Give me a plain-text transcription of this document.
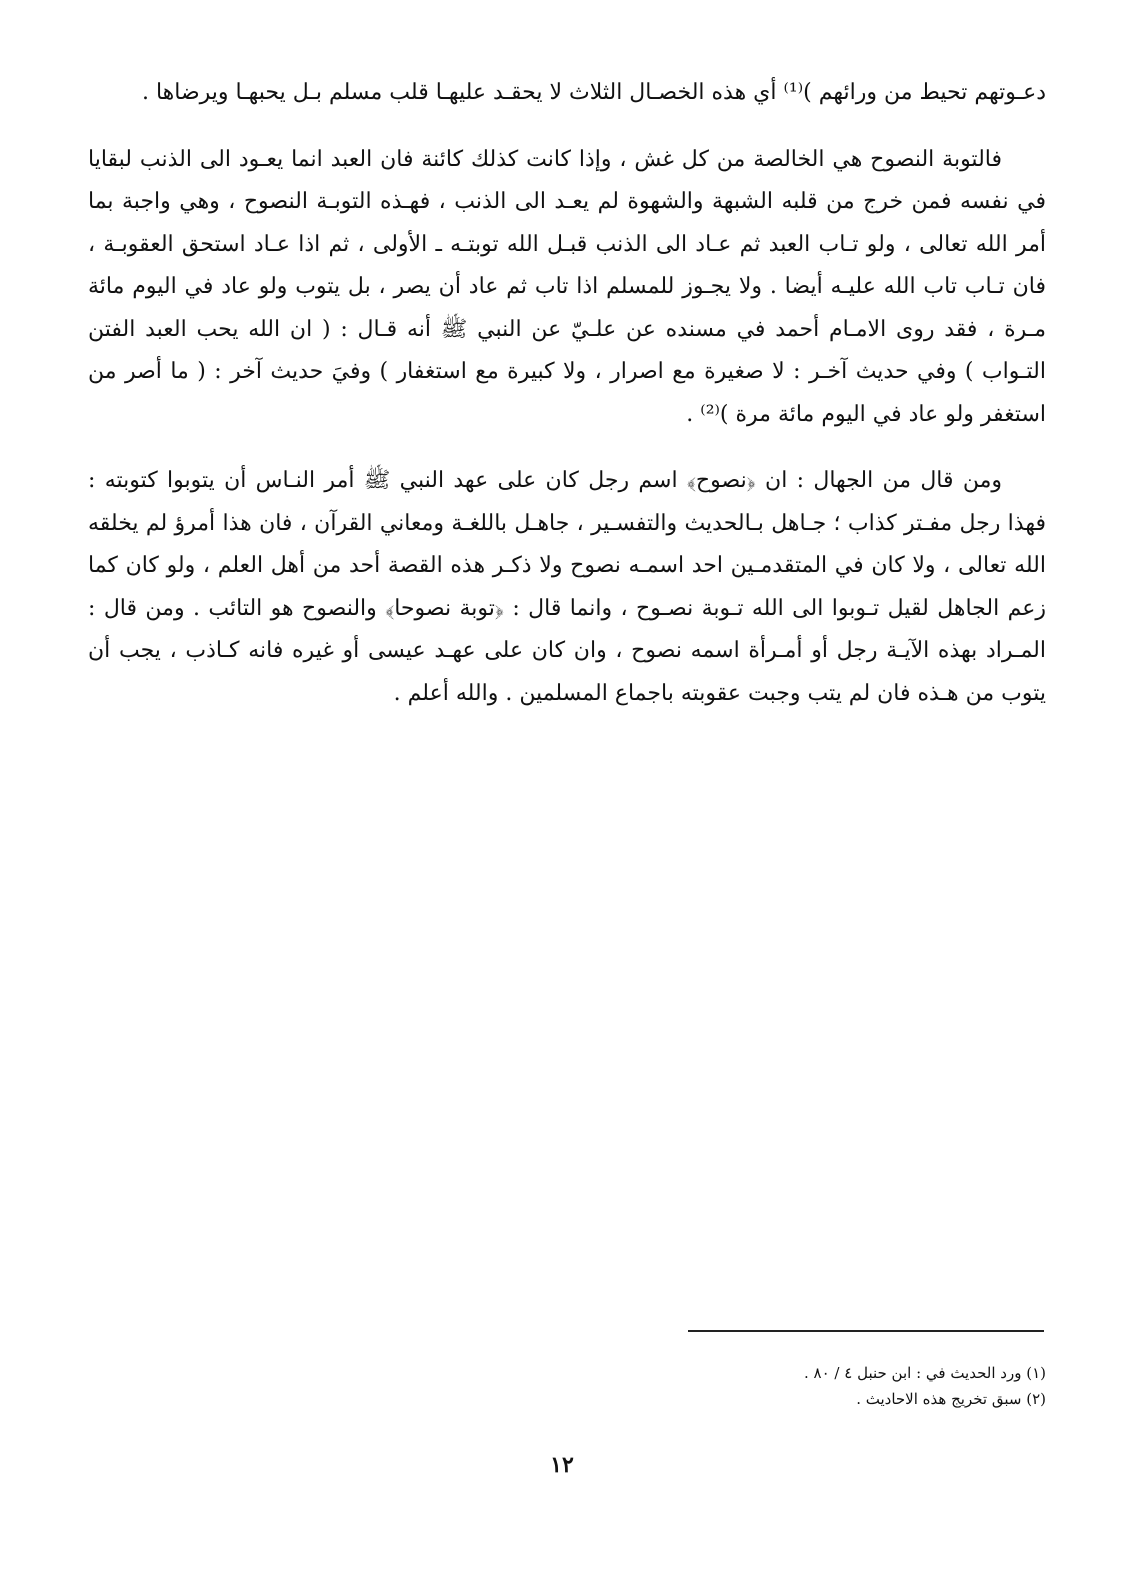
دعـوتهم تحيط من ورائهم )⁽¹⁾ أي هذه الخصـال الثلاث لا يحقـد عليهـا قلب مسلم بـل يحبهـا ويرضاها .

فالتوبة النصوح هي الخالصة من كل غش ، وإذا كانت كذلك كائنة فان العبد انما يعـود الى الذنب لبقايا في نفسه فمن خرج من قلبه الشبهة والشهوة لم يعـد الى الذنب ، فهـذه التوبـة النصوح ، وهي واجبة بما أمر الله تعالى ، ولو تـاب العبد ثم عـاد الى الذنب قبـل الله توبتـه ـ الأولى ، ثم اذا عـاد استحق العقوبـة ، فان تـاب تاب الله عليـه أيضا . ولا يجـوز للمسلم اذا تاب ثم عاد أن يصر ، بل يتوب ولو عاد في اليوم مائة مـرة ، فقد روى الامـام أحمد في مسنده عن علـيّ عن النبي ﷺ أنه قـال : ( ان الله يحب العبد الفتن التـواب ) وفي حديث آخـر : لا صغيرة مع اصرار ، ولا كبيرة مع استغفار ) وفيَ حديث آخر : ( ما أصر من استغفر ولو عاد في اليوم مائة مرة )⁽²⁾ .

ومن قال من الجهال : ان ﴿نصوح﴾ اسم رجل كان على عهد النبي ﷺ أمر النـاس أن يتوبوا كتوبته : فهذا رجل مفـتر كذاب ؛ جـاهل بـالحديث والتفسـير ، جاهـل باللغـة ومعاني القرآن ، فان هذا أمرؤ لم يخلقه الله تعالى ، ولا كان في المتقدمـين احد اسمـه نصوح ولا ذكـر هذه القصة أحد من أهل العلم ، ولو كان كما زعم الجاهل لقيل تـوبوا الى الله تـوبة نصـوح ، وانما قال : ﴿توبة نصوحا﴾ والنصوح هو التائب . ومن قال : المـراد بهذه الآيـة رجل أو أمـرأة اسمه نصوح ، وان كان على عهـد عيسى أو غيره فانه كـاذب ، يجب أن يتوب من هـذه فان لم يتب وجبت عقوبته باجماع المسلمين . والله أعلم .

(١) ورد الحديث في : ابن حنبل ٤ / ٨٠ .

(٢) سبق تخريج هذه الاحاديث .

١٢
